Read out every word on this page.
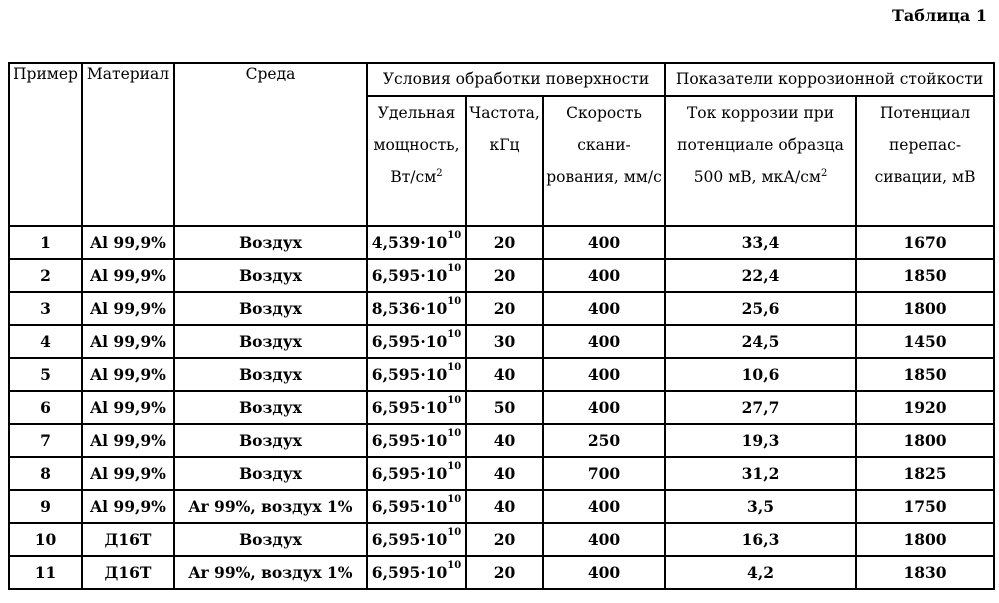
Таблица 1
Пример	Материал	Среда	Условия обработки поверхности			Показатели коррозионной стойкости	
			Удельная мощность, $Вт/см^2$	Частота, кГц	Скорость скани-рования, мм/с	Ток коррозии при потенциале образца 500 мВ, мкА/$см^2$	Потенциал перепас-сивации, мВ
1	Al 99,9%	Воздух	$4,539\cdot 10^{10}$	20	400	33,4	1670
2	Al 99,9%	Воздух	$6,595\cdot 10^{10}$	20	400	22,4	1850
3	Al 99,9%	Воздух	$8,536\cdot 10^{10}$	20	400	25,6	1800
4	Al 99,9%	Воздух	$6,595\cdot 10^{10}$	30	400	24,5	1450
5	Al 99,9%	Воздух	$6,595\cdot 10^{10}$	40	400	10,6	1850
6	Al 99,9%	Воздух	$6,595\cdot 10^{10}$	50	400	27,7	1920
7	Al 99,9%	Воздух	$6,595\cdot 10^{10}$	40	250	19,3	1800
8	Al 99,9%	Воздух	$6,595\cdot 10^{10}$	40	700	31,2	1825
9	Al 99,9%	Ar 99%, воздух 1%	$6,595\cdot 10^{10}$	40	400	3,5	1750
10	Д16Т	Воздух	$6,595\cdot 10^{10}$	20	400	16,3	1800
11	Д16Т	Ar 99%, воздух 1%	$6,595\cdot 10^{10}$	20	400	4,2	1830
